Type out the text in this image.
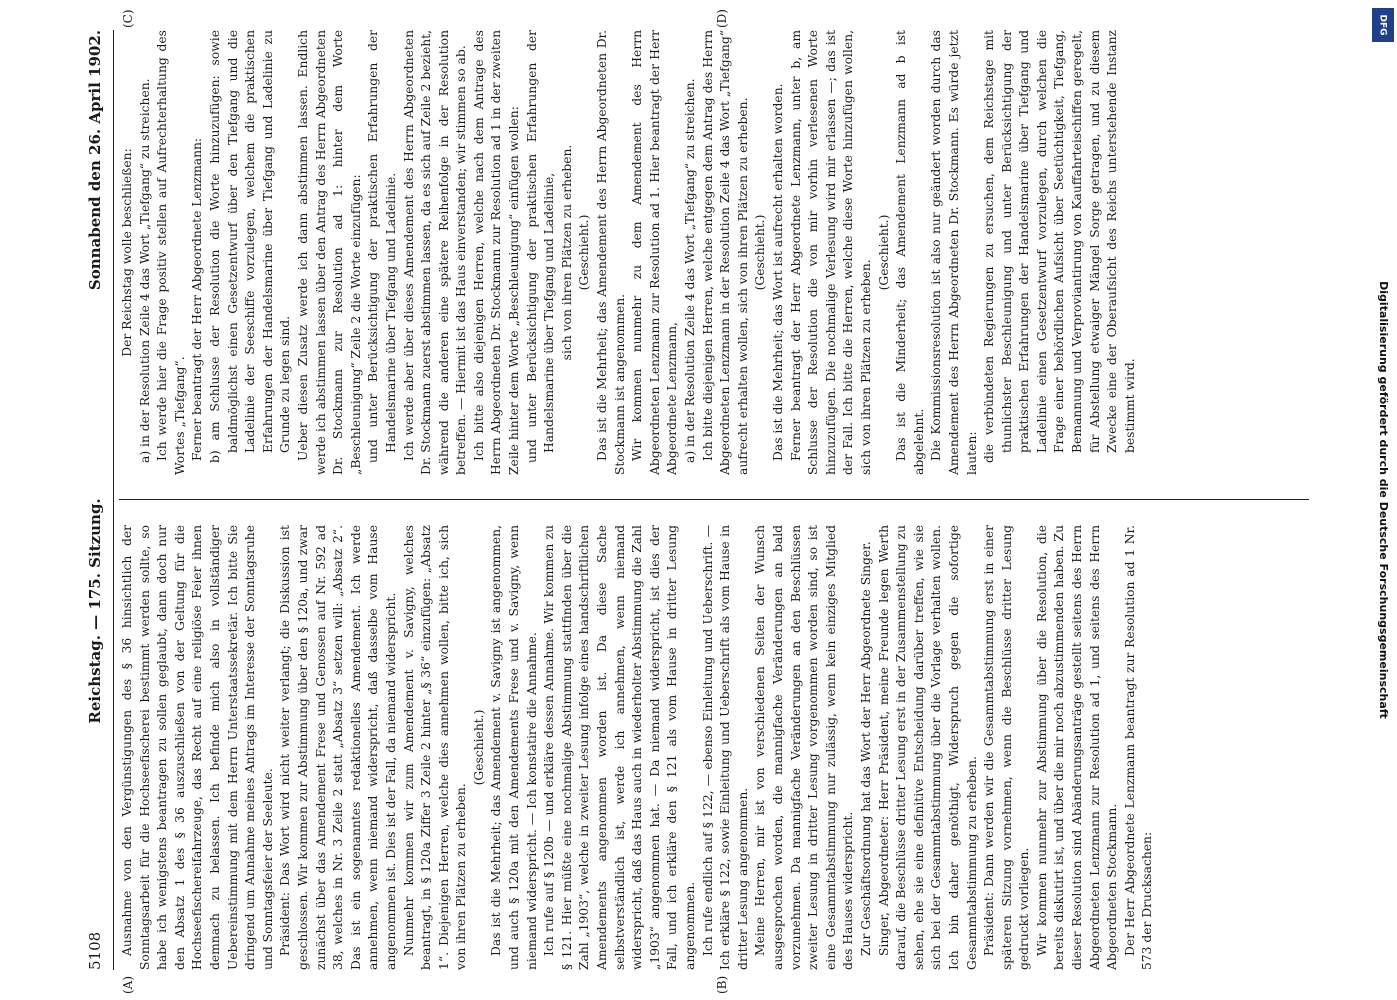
5108
Reichstag. — 175. Sitzung.
Sonnabend den 26. April 1902.
(A)	(B)
(C)	(D)

Ausnahme von den Vergünstigungen des § 36 hinsichtlich der Sonntagsarbeit für die Hochseefischerei bestimmt werden sollte, so habe ich wenigstens beantragen zu sollen geglaubt, dann doch nur den Absatz 1 des § 36 auszuschließen von der Geltung für die Hochseefischereifahrzeuge, das Recht auf eine religiöse Feier ihnen demnach zu belassen. Ich befinde mich also in vollständiger Uebereinstimmung mit dem Herrn Unterstaatssekretär. Ich bitte Sie dringend um Annahme meines Antrags im Interesse der Sonntagsruhe und Sonntagsfeier der Seeleute. Präsident: Das Wort wird nicht weiter verlangt; die Diskussion ist geschlossen. Wir kommen zur Abstimmung über den § 120a, und zwar zunächst über das Amendement Frese und Genossen auf Nr. 592 ad 38, welches in Nr. 3 Zeile 2 statt „Absatz 3“ setzen will: „Absatz 2“. Das ist ein sogenanntes redaktionelles Amendement. Ich werde annehmen, wenn niemand widerspricht, daß dasselbe vom Hause angenommen ist. Dies ist der Fall, da niemand widerspricht. Nunmehr kommen wir zum Amendement v. Savigny, welches beantragt, in § 120a Ziffer 3 Zeile 2 hinter „§ 36“ einzufügen: „Absatz 1“. Diejenigen Herren, welche dies annehmen wollen, bitte ich, sich von ihren Plätzen zu erheben.

(Geschieht.) Das ist die Mehrheit; das Amendement v. Savigny ist angenommen, und auch § 120a mit den Amendements Frese und v. Savigny, wenn niemand widerspricht. — Ich konstatire die Annahme. Ich rufe auf § 120b — und erkläre dessen Annahme. Wir kommen zu § 121. Hier müßte eine nochmalige Abstimmung stattfinden über die Zahl „1903“, welche in zweiter Lesung infolge eines handschriftlichen Amendements angenommen worden ist. Da diese Sache selbstverständlich ist, werde ich annehmen, wenn niemand widerspricht, daß das Haus auch in wiederholter Abstimmung die Zahl „1903“ angenommen hat. — Da niemand widerspricht, ist dies der Fall, und ich erkläre den § 121 als vom Hause in dritter Lesung angenommen. Ich rufe endlich auf § 122, — ebenso Einleitung und Ueberschrift. — Ich erkläre § 122, sowie Einleitung und Ueberschrift als vom Hause in dritter Lesung angenommen. Meine Herren, mir ist von verschiedenen Seiten der Wunsch ausgesprochen worden, die mannigfache Veränderungen an bald vorzunehmen. Da mannigfache Veränderungen an den Beschlüssen zweiter Lesung in dritter Lesung vorgenommen worden sind, so ist eine Gesammtabstimmung nur zulässig, wenn kein einziges Mitglied des Hauses widerspricht. Zur Geschäftsordnung hat das Wort der Herr Abgeordnete Singer. Singer, Abgeordneter: Herr Präsident, meine Freunde legen Werth darauf, die Beschlüsse dritter Lesung erst in der Zusammenstellung zu sehen, ehe sie eine definitive Entscheidung darüber treffen, wie sie sich bei der Gesammtabstimmung über die Vorlage verhalten wollen. Ich bin daher genöthigt, Widerspruch gegen die sofortige Gesammtabstimmung zu erheben. Präsident: Dann werden wir die Gesammtabstimmung erst in einer späteren Sitzung vornehmen, wenn die Beschlüsse dritter Lesung gedruckt vorliegen. Wir kommen nunmehr zur Abstimmung über die Resolution, die bereits diskutirt ist, und über die mir noch abzustimmenden haben. Zu dieser Resolution sind Abänderungsanträge gestellt seitens des Herrn Abgeordneten Lenzmann zur Resolution ad 1, und seitens des Herrn Abgeordneten Stockmann. Der Herr Abgeordnete Lenzmann beantragt zur Resolution ad 1 Nr. 573 der Drucksachen:

Der Reichstag wolle beschließen: a) in der Resolution Zeile 4 das Wort „Tiefgang“ zu streichen. Ich werde hier die Frage positiv stellen auf Aufrechterhaltung des Wortes „Tiefgang“. Ferner beantragt der Herr Abgeordnete Lenzmann: b) am Schlusse der Resolution die Worte hinzuzufügen: sowie baldmöglichst einen Gesetzentwurf über den Tiefgang und die Ladelinie der Seeschiffe vorzulegen, welchem die praktischen Erfahrungen der Handelsmarine über Tiefgang und Ladelinie zu Grunde zu legen sind. Ueber diesen Zusatz werde ich dann abstimmen lassen. Endlich werde ich abstimmen lassen über den Antrag des Herrn Abgeordneten Dr. Stockmann zur Resolution ad 1: hinter dem Worte „Beschleunigung“ Zeile 2 die Worte einzufügen: und unter Berücksichtigung der praktischen Erfahrungen der Handelsmarine über Tiefgang und Ladelinie. Ich werde aber über dieses Amendement des Herrn Abgeordneten Dr. Stockmann zuerst abstimmen lassen, da es sich auf Zeile 2 bezieht, während die anderen eine spätere Reihenfolge in der Resolution betreffen. — Hiermit ist das Haus einverstanden; wir stimmen so ab. Ich bitte also diejenigen Herren, welche nach dem Antrage des Herrn Abgeordneten Dr. Stockmann zur Resolution ad 1 in der zweiten Zeile hinter dem Worte „Beschleunigung“ einfügen wollen: und unter Berücksichtigung der praktischen Erfahrungen der Handelsmarine über Tiefgang und Ladelinie, sich von ihren Plätzen zu erheben. (Geschieht.) Das ist die Mehrheit; das Amendement des Herrn Abgeordneten Dr. Stockmann ist angenommen. Wir kommen nunmehr zu dem Amendement des Herrn Abgeordneten Lenzmann zur Resolution ad 1. Hier beantragt der Herr Abgeordnete Lenzmann, a) in der Resolution Zeile 4 das Wort „Tiefgang“ zu streichen. Ich bitte diejenigen Herren, welche entgegen dem Antrag des Herrn Abgeordneten Lenzmann in der Resolution Zeile 4 das Wort „Tiefgang“ aufrecht erhalten wollen, sich von ihren Plätzen zu erheben. (Geschieht.) Das ist die Mehrheit; das Wort ist aufrecht erhalten worden. Ferner beantragt der Herr Abgeordnete Lenzmann, unter b, am Schlusse der Resolution die von mir vorhin verlesenen Worte hinzuzufügen. Die nochmalige Verlesung wird mir erlassen —; das ist der Fall. Ich bitte die Herren, welche diese Worte hinzufügen wollen, sich von ihren Plätzen zu erheben.

(Geschieht.) Das ist die Minderheit; das Amendement Lenzmann ad b ist abgelehnt. Die Kommissionsresolution ist also nur geändert worden durch das Amendement des Herrn Abgeordneten Dr. Stockmann. Es würde jetzt lauten: die verbündeten Regierungen zu ersuchen, dem Reichstage mit thunlichster Beschleunigung und unter Berücksichtigung der praktischen Erfahrungen der Handelsmarine über Tiefgang und Ladelinie einen Gesetzentwurf vorzulegen, durch welchen die Frage einer behördlichen Aufsicht über Seetüchtigkeit, Tiefgang, Bemannung und Verproviantirung von Kauffahrteischiffen geregelt, für Abstellung etwaiger Mängel Sorge getragen, und zu diesem Zwecke eine der Oberaufsicht des Reichs unterstehende Instanz bestimmt wird.	Digitalisierung gefördert durch die Deutsche Forschungsgemeinschaft
DFG
